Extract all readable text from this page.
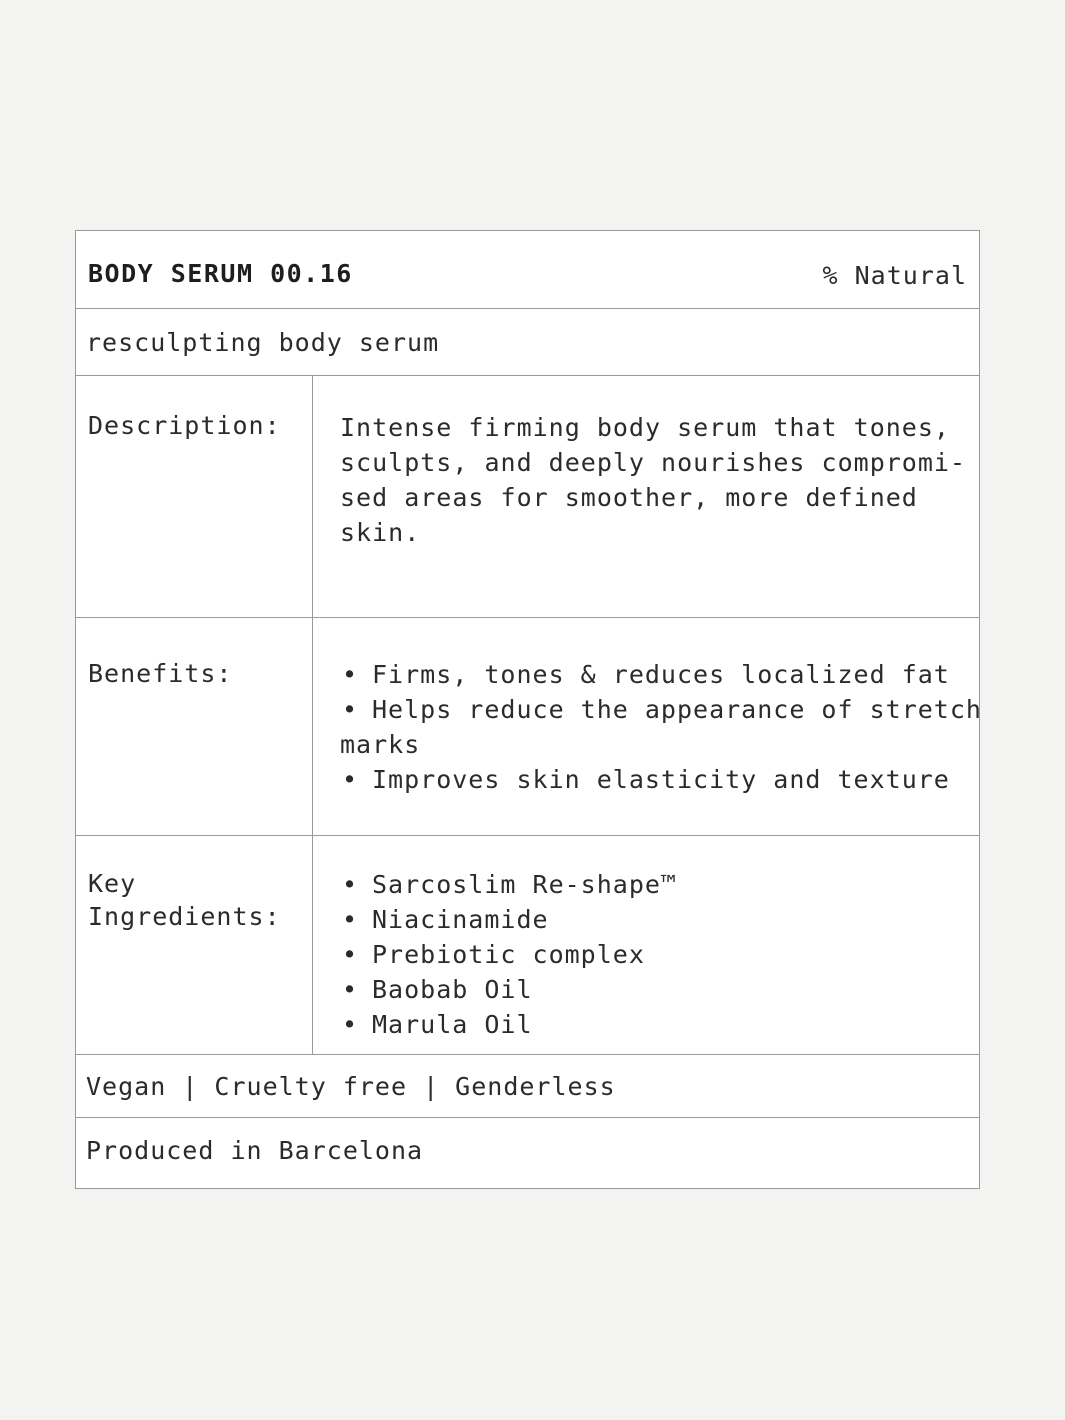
BODY SERUM 00.16	% Natural
resculpting body serum
Description: Intense firming body serum that tones,
sculpts, and deeply nourishes compromi-
sed areas for smoother, more defined
skin.
Benefits:
•	Firms, tones & reduces localized fat
• Helps reduce the appearance of stretch
marks
• Improves skin elasticity and texture
Key
Ingredients:
• Sarcoslim Re-shape™
• Niacinamide
• Prebiotic complex
• Baobab Oil
• Marula Oil
Vegan | Cruelty free | Genderless
Produced in Barcelona
